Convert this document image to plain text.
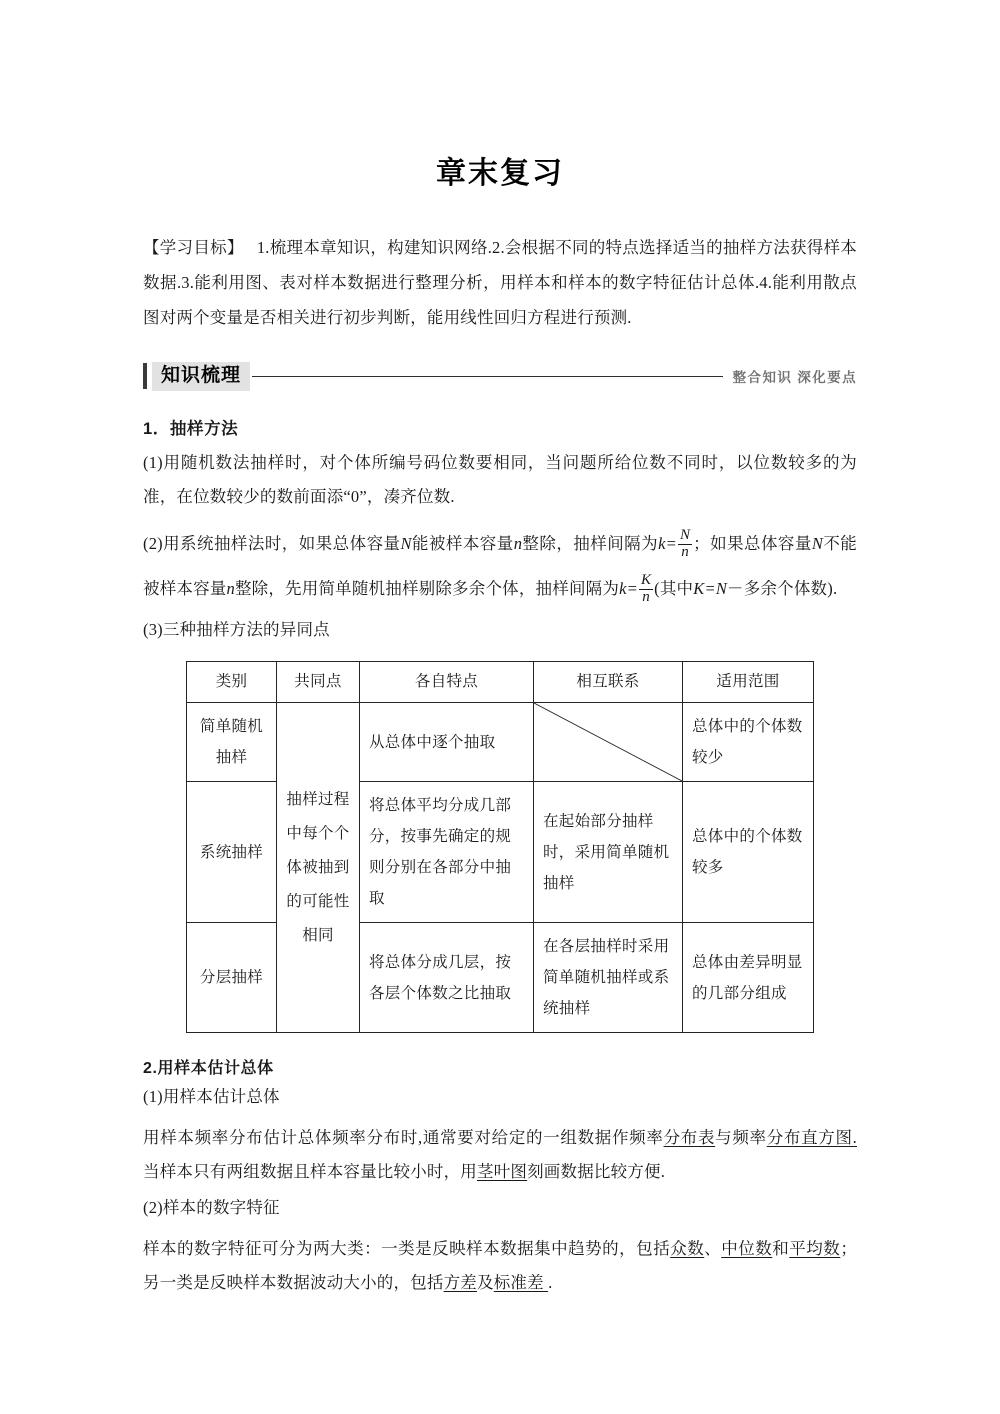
章末复习
【学习目标】 1.梳理本章知识，构建知识网络.2.会根据不同的特点选择适当的抽样方法获得样本数据.3.能利用图、表对样本数据进行整理分析，用样本和样本的数字特征估计总体.4.能利用散点图对两个变量是否相关进行初步判断，能用线性回归方程进行预测.
知识梳理	整合知识 深化要点
1．抽样方法

(1)用随机数法抽样时，对个体所编号码位数要相同，当问题所给位数不同时，以位数较多的为准，在位数较少的数前面添“0”，凑齐位数.

(2)用系统抽样法时，如果总体容量N能被样本容量n整除，抽样间隔为$k= \frac{N}{n}$ ；如果总体容量N不能被样本容量n整除，先用简单随机抽样剔除多余个体，抽样间隔为$k= \frac{K}{n}$ (其中K=N－多余个体数).

(3)三种抽样方法的异同点

类别	共同点	各自特点	相互联系	适用范围
简单随机抽样	抽样过程中每个个体被抽到的可能性相同	从总体中逐个抽取		总体中的个体数较少
系统抽样		将总体平均分成几部分，按事先确定的规则分别在各部分中抽取	在起始部分抽样时，采用简单随机抽样	总体中的个体数较多
分层抽样		将总体分成几层，按各层个体数之比抽取	在各层抽样时采用简单随机抽样或系统抽样	总体由差异明显的几部分组成
2.用样本估计总体

(1)用样本估计总体

用样本频率分布估计总体频率分布时,通常要对给定的一组数据作频率分布表与频率分布直方图. 当样本只有两组数据且样本容量比较小时，用茎叶图刻画数据比较方便.

(2)样本的数字特征

样本的数字特征可分为两大类：一类是反映样本数据集中趋势的，包括众数、中位数和平均数；另一类是反映样本数据波动大小的，包括方差及标准差 .
